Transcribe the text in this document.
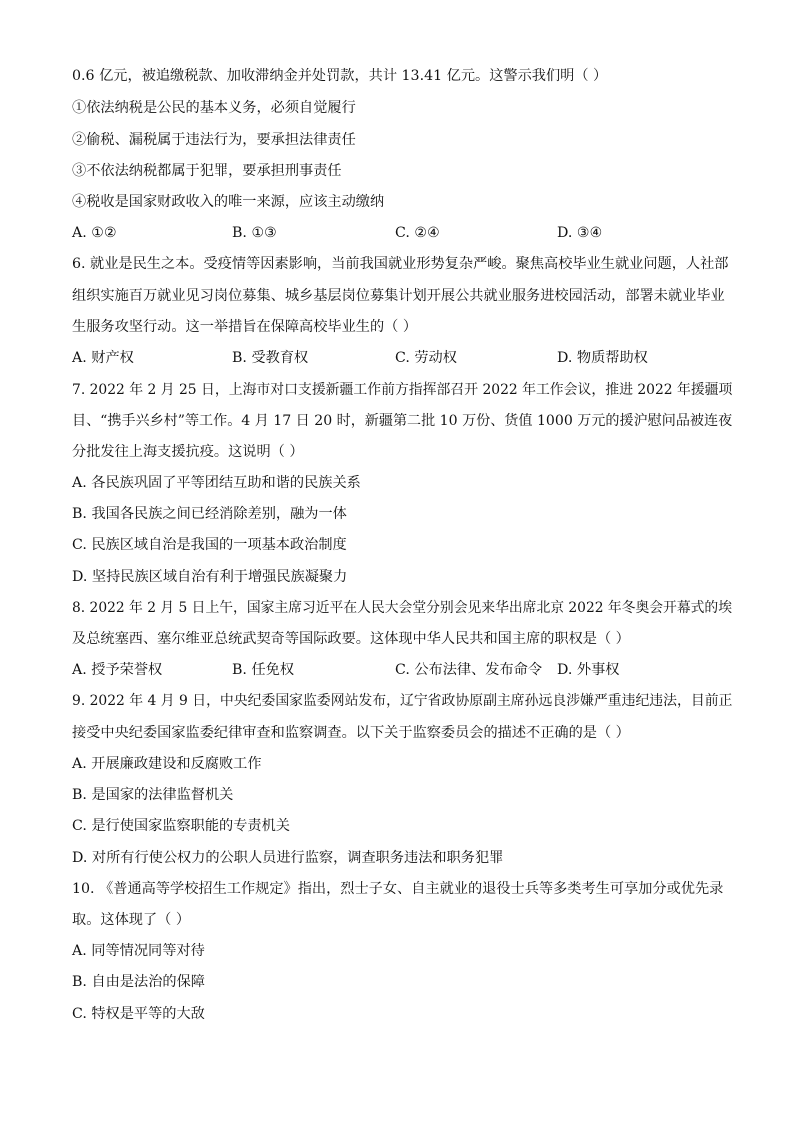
0.6 亿元，被追缴税款、加收滞纳金并处罚款，共计 13.41 亿元。这警示我们明（ ）
①依法纳税是公民的基本义务，必须自觉履行
②偷税、漏税属于违法行为，要承担法律责任
③不依法纳税都属于犯罪，要承担刑事责任
④税收是国家财政收入的唯一来源，应该主动缴纳
A. ①②	B. ①③	C. ②④	D. ③④
6. 就业是民生之本。受疫情等因素影响，当前我国就业形势复杂严峻。聚焦高校毕业生就业问题，人社部
组织实施百万就业见习岗位募集、城乡基层岗位募集计划开展公共就业服务进校园活动，部署未就业毕业
生服务攻坚行动。这一举措旨在保障高校毕业生的（ ）
A. 财产权	B. 受教育权	C. 劳动权	D. 物质帮助权
7. 2022 年 2 月 25 日，上海市对口支援新疆工作前方指挥部召开 2022 年工作会议，推进 2022 年援疆项
目、“携手兴乡村”等工作。4 月 17 日 20 时，新疆第二批 10 万份、货值 1000 万元的援沪慰问品被连夜
分批发往上海支援抗疫。这说明（ ）
A. 各民族巩固了平等团结互助和谐的民族关系
B. 我国各民族之间已经消除差别，融为一体
C. 民族区域自治是我国的一项基本政治制度
D. 坚持民族区域自治有利于增强民族凝聚力
8. 2022 年 2 月 5 日上午，国家主席习近平在人民大会堂分别会见来华出席北京 2022 年冬奥会开幕式的埃
及总统塞西、塞尔维亚总统武契奇等国际政要。这体现中华人民共和国主席的职权是（ ）
A. 授予荣誉权	B. 任免权	C. 公布法律、发布命令 D. 外事权
9. 2022 年 4 月 9 日，中央纪委国家监委网站发布，辽宁省政协原副主席孙远良涉嫌严重违纪违法，目前正
接受中央纪委国家监委纪律审查和监察调查。以下关于监察委员会的描述不正确的是（ ）
A. 开展廉政建设和反腐败工作
B. 是国家的法律监督机关
C. 是行使国家监察职能的专责机关
D. 对所有行使公权力的公职人员进行监察，调查职务违法和职务犯罪
10. 《普通高等学校招生工作规定》指出，烈士子女、自主就业的退役士兵等多类考生可享加分或优先录
取。这体现了（ ）
A. 同等情况同等对待
B. 自由是法治的保障
C. 特权是平等的大敌
